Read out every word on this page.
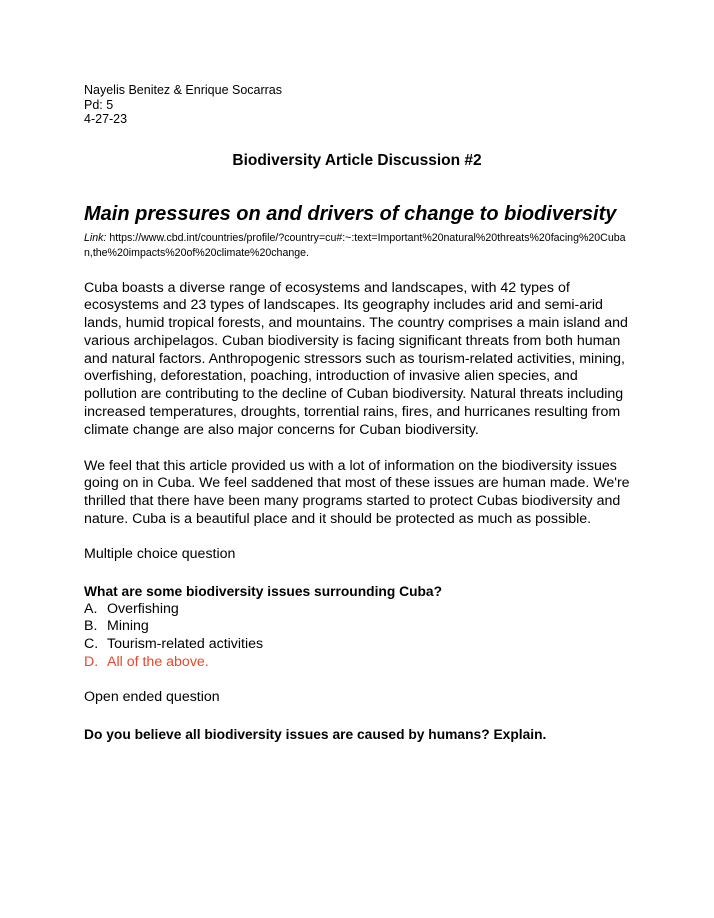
Nayelis Benitez & Enrique Socarras

Pd: 5

4-27-23

Biodiversity Article Discussion #2
Main pressures on and drivers of change to biodiversity

Link: https://www.cbd.int/countries/profile/?country=cu#:~:text=Important%20natural%20threats%20facing%20Cuban,the%20impacts%20of%20climate%20change.

Cuba boasts a diverse range of ecosystems and landscapes, with 42 types of ecosystems and 23 types of landscapes. Its geography includes arid and semi-arid lands, humid tropical forests, and mountains. The country comprises a main island and various archipelagos. Cuban biodiversity is facing significant threats from both human and natural factors. Anthropogenic stressors such as tourism-related activities, mining, overfishing, deforestation, poaching, introduction of invasive alien species, and pollution are contributing to the decline of Cuban biodiversity. Natural threats including increased temperatures, droughts, torrential rains, fires, and hurricanes resulting from climate change are also major concerns for Cuban biodiversity.

We feel that this article provided us with a lot of information on the biodiversity issues going on in Cuba. We feel saddened that most of these issues are human made. We're thrilled that there have been many programs started to protect Cubas biodiversity and nature. Cuba is a beautiful place and it should be protected as much as possible.

Multiple choice question

What are some biodiversity issues surrounding Cuba?

A. Overfishing
B. Mining
C. Tourism-related activities
D. All of the above.

Open ended question

Do you believe all biodiversity issues are caused by humans? Explain.
